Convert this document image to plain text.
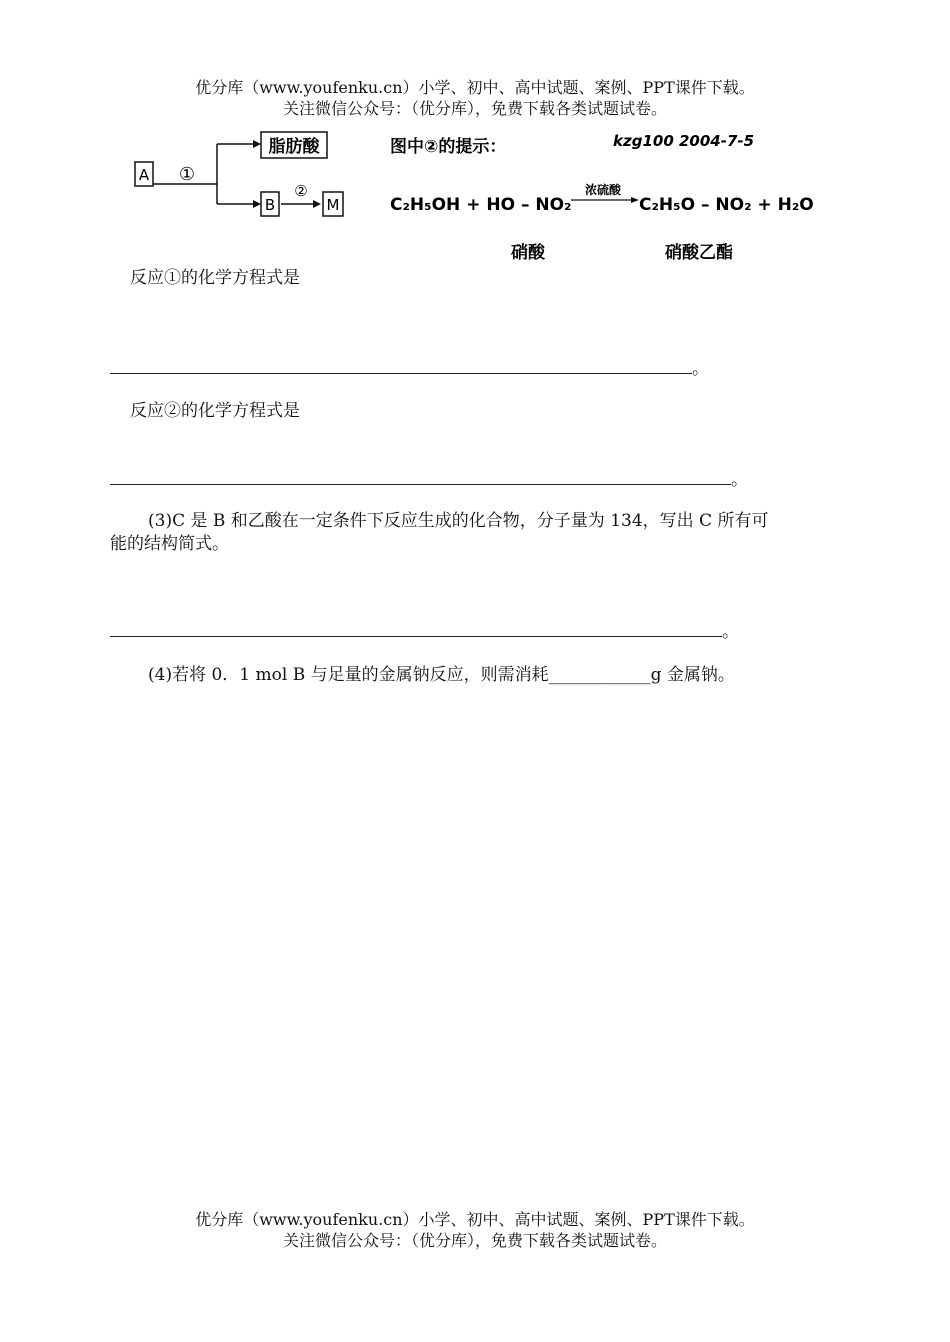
优分库（www.youfenku.cn）小学、初中、高中试题、案例、PPT课件下载。
关注微信公众号：（优分库），免费下载各类试题试卷。
A ①
脂肪酸
B
②
M
图中②的提示：	kzg100 2004-7-5
C₂H₅OH + HO – NO₂
浓硫酸
C₂H₅O – NO₂ + H₂O
硝酸	硝酸乙酯
反应①的化学方程式是
。
反应②的化学方程式是
。
(3)C 是 B 和乙酸在一定条件下反应生成的化合物，分子量为 134，写出 C 所有可
能的结构简式。
。
(4)若将 0．1 mol B 与足量的金属钠反应，则需消耗____________g 金属钠。
优分库（www.youfenku.cn）小学、初中、高中试题、案例、PPT课件下载。
关注微信公众号：（优分库），免费下载各类试题试卷。
